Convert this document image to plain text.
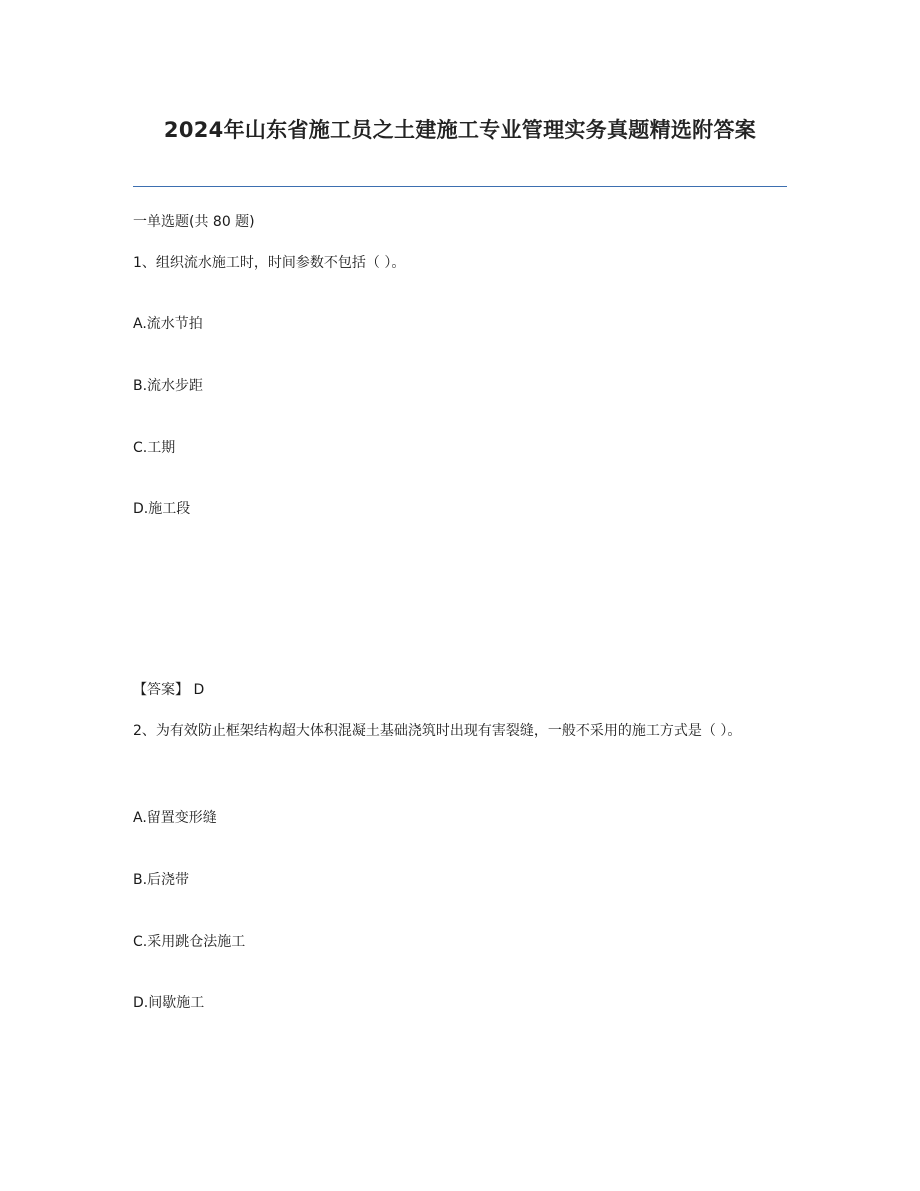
2024年山东省施工员之土建施工专业管理实务真题精选附答案
一单选题(共 80 题)
1、组织流水施工时，时间参数不包括（ ）。
A.流水节拍
B.流水步距
C.工期
D.施工段
【答案】 D
2、为有效防止框架结构超大体积混凝土基础浇筑时出现有害裂缝，一般不采用的施工方式是（ ）。
A.留置变形缝
B.后浇带
C.采用跳仓法施工
D.间歇施工
